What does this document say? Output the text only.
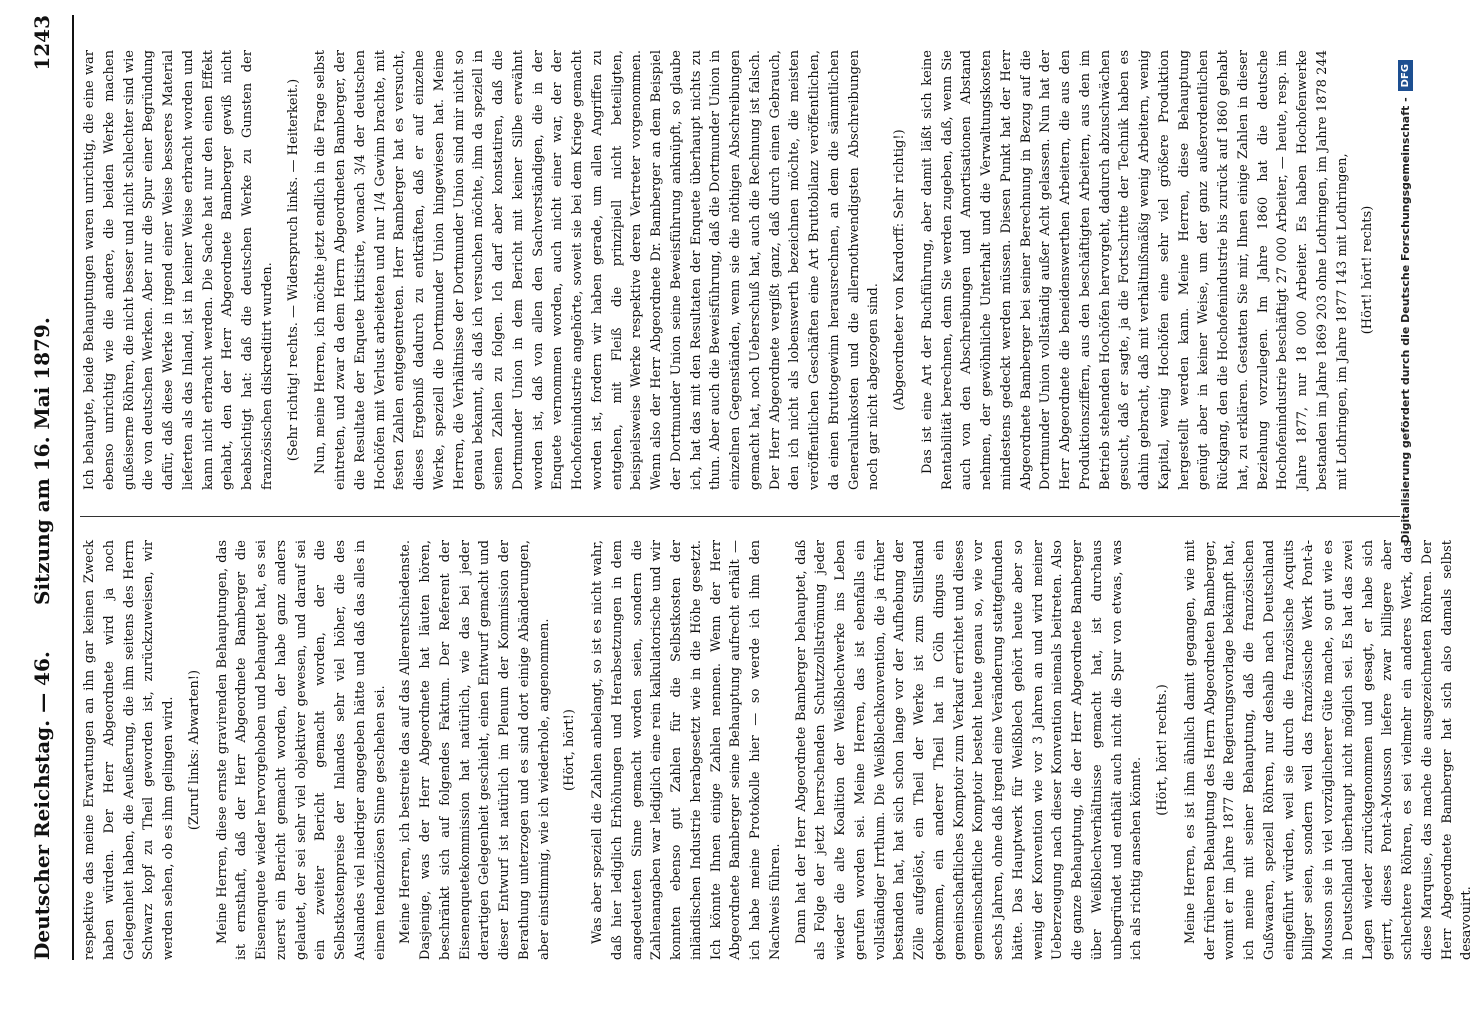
Deutscher Reichstag. — 46.
Sitzung am 16. Mai 1879.
1243

respektive das meine Erwartungen an ihn gar keinen Zweck haben würden. Der Herr Abgeordnete wird ja noch Gelegenheit haben, die Aeußerung, die ihm seitens des Herrn Schwarz kopf zu Theil geworden ist, zurückzuweisen, wir werden sehen, ob es ihm gelingen wird. (Zuruf links: Abwarten!) Meine Herren, diese ernste gravirenden Behauptungen, das ist ernsthaft, daß der Herr Abgeordnete Bamberger die Eisenenquete wieder hervorgehoben und behauptet hat, es sei zuerst ein Bericht gemacht worden, der habe ganz anders gelautet, der sei sehr viel objektiver gewesen, und darauf sei ein zweiter Bericht gemacht worden, der die Selbstkostenpreise der Inlandes sehr viel höher, die des Auslandes viel niedriger angegeben hätte und daß das alles in einem tendenziösen Sinne geschehen sei. Meine Herren, ich bestreite das auf das Allerentschiedenste. Dasjenige, was der Herr Abgeordnete hat läuten hören, beschränkt sich auf folgendes Faktum. Der Referent der Eisenenquetekommission hat natürlich, wie das bei jeder derartigen Gelegenheit geschieht, einen Entwurf gemacht und dieser Entwurf ist natürlich im Plenum der Kommission der Berathung unterzogen und es sind dort einige Abänderungen, aber einstimmig, wie ich wiederhole, angenommen. (Hört, hört!) Was aber speziell die Zahlen anbelangt, so ist es nicht wahr, daß hier lediglich Erhöhungen und Herabsetzungen in dem angedeuteten Sinne gemacht worden seien, sondern die Zahlenangaben war lediglich eine rein kalkulatorische und wir konnten ebenso gut Zahlen für die Selbstkosten der inländischen Industrie herabgesetzt wie in die Höhe gesetzt. Ich könnte Ihnen einige Zahlen nennen. Wenn der Herr Abgeordnete Bamberger seine Behauptung aufrecht erhält — ich habe meine Protokolle hier — so werde ich ihm den Nachweis führen. Dann hat der Herr Abgeordnete Bamberger behauptet, daß als Folge der jetzt herrschenden Schutzzollströmung jeder wieder die alte Koalition der Weißblechwerke ins Leben gerufen worden sei. Meine Herren, das ist ebenfalls ein vollständiger Irrthum. Die Weißblechkonvention, die ja früher bestanden hat, hat sich schon lange vor der Aufhebung der Zölle aufgelöst, ein Theil der Werke ist zum Stillstand gekommen, ein anderer Theil hat in Cöln dingus ein gemeinschaftliches Komptoir zum Verkauf errichtet und dieses gemeinschaftliche Komptoir besteht heute genau so, wie vor sechs Jahren, ohne daß irgend eine Veränderung stattgefunden hätte. Das Hauptwerk für Weißblech gehört heute aber so wenig der Konvention wie vor 3 Jahren an und wird meiner Ueberzeugung nach dieser Konvention niemals beitreten. Also die ganze Behauptung, die der Herr Abgeordnete Bamberger über Weißblechverhältnisse gemacht hat, ist durchaus unbegründet und enthält auch nicht die Spur von etwas, was ich als richtig ansehen könnte.

(Hört, hört! rechts.) Meine Herren, es ist ihm ähnlich damit gegangen, wie mit der früheren Behauptung des Herrn Abgeordneten Bamberger, womit er im Jahre 1877 die Regierungsvorlage bekämpft hat, ich meine mit seiner Behauptung, daß die französischen Gußwaaren, speziell Röhren, nur deshalb nach Deutschland eingeführt würden, weil sie durch die französische Acquits billiger seien, sondern weil das französische Werk Pont-à-Mousson sie in viel vorzüglicherer Güte mache, so gut wie es in Deutschland überhaupt nicht möglich sei. Es hat das zwei Lagen wieder zurückgenommen und gesagt, er habe sich geirrt, dieses Pont-à-Mousson liefere zwar billigere aber schlechtere Röhren, es sei vielmehr ein anderes Werk, das diese Marquise, das mache die ausgezeichneten Röhren. Der Herr Abgeordnete Bamberger hat sich also damals selbst desavouirt.

Ich behaupte, beide Behauptungen waren unrichtig, die eine war ebenso unrichtig wie die andere, die beiden Werke machen gußeiserne Röhren, die nicht besser und nicht schlechter sind wie die von deutschen Werken. Aber nur die Spur einer Begründung dafür, daß diese Werke in irgend einer Weise besseres Material lieferten als das Inland, ist in keiner Weise erbracht worden und kann nicht erbracht werden. Die Sache hat nur den einen Effekt gehabt, den der Herr Abgeordnete Bamberger gewiß nicht beabsichtigt hat: daß die deutschen Werke zu Gunsten der französischen diskreditirt wurden. (Sehr richtig! rechts. — Widerspruch links. — Heiterkeit.) Nun, meine Herren, ich möchte jetzt endlich in die Frage selbst eintreten, und zwar da dem Herrn Abgeordneten Bamberger, der die Resultate der Enquete kritisirte, wonach 3/4 der deutschen Hochöfen mit Verlust arbeiteten und nur 1/4 Gewinn brachte, mit festen Zahlen entgegentreten. Herr Bamberger hat es versucht, dieses Ergebniß dadurch zu entkräften, daß er auf einzelne Werke, speziell die Dortmunder Union hingewiesen hat. Meine Herren, die Verhältnisse der Dortmunder Union sind mir nicht so genau bekannt, als daß ich versuchen möchte, ihm da speziell in seinen Zahlen zu folgen. Ich darf aber konstatiren, daß die Dortmunder Union in dem Bericht mit keiner Silbe erwähnt worden ist, daß von allen den Sachverständigen, die in der Enquete vernommen worden, auch nicht einer war, der der Hochofenindustrie angehörte, soweit sie bei dem Kriege gemacht worden ist, fordern wir haben gerade, um allen Angriffen zu entgehen, mit Fleiß die prinzipiell nicht beteiligten, beispielsweise Werke respektive deren Vertreter vorgenommen. Wenn also der Herr Abgeordnete Dr. Bamberger an dem Beispiel der Dortmunder Union seine Beweisführung anknüpft, so glaube ich, hat das mit den Resultaten der Enquete überhaupt nichts zu thun. Aber auch die Beweisführung, daß die Dortmunder Union in einzelnen Gegenständen, wenn sie die nöthigen Abschreibungen gemacht hat, noch Ueberschuß hat, auch die Rechnung ist falsch. Der Herr Abgeordnete vergißt ganz, daß durch einen Gebrauch, den ich nicht als lobenswerth bezeichnen möchte, die meisten veröffentlichen Geschäften eine Art Bruttobilanz veröffentlichen, da einen Bruttogewinn herausrechnen, an dem die sämmtlichen Generalunkosten und die allernothwendigsten Abschreibungen noch gar nicht abgezogen sind. (Abgeordneter von Kardorff: Sehr richtig!) Das ist eine Art der Buchführung, aber damit läßt sich keine Rentabilität berechnen, denn Sie werden zugeben, daß, wenn Sie auch von den Abschreibungen und Amortisationen Abstand nehmen, der gewöhnliche Unterhalt und die Verwaltungskosten mindestens gedeckt werden müssen. Diesen Punkt hat der Herr Abgeordnete Bamberger bei seiner Berechnung in Bezug auf die Dortmunder Union vollständig außer Acht gelassen. Nun hat der Herr Abgeordnete die beneidenswerthen Arbeitern, die aus den Produktionsziffern, aus den beschäftigten Arbeitern, aus den im Betrieb stehenden Hochöfen hervorgeht, dadurch abzuschwächen gesucht, daß er sagte, ja die Fortschritte der Technik haben es dahin gebracht, daß mit verhältnißmäßig wenig Arbeitern, wenig Kapital, wenig Hochöfen eine sehr viel größere Produktion hergestellt werden kann. Meine Herren, diese Behauptung genügt aber in keiner Weise, um der ganz außerordentlichen Rückgang, den die Hochofenindustrie bis zurück auf 1860 gehabt hat, zu erklären. Gestatten Sie mir, Ihnen einige Zahlen in dieser Beziehung vorzulegen. Im Jahre 1860 hat die deutsche Hochofenindustrie beschäftigt 27 000 Arbeiter, — heute, resp. im Jahre 1877, nur 18 000 Arbeiter. Es haben Hochofenwerke bestanden im Jahre 1869 203 ohne Lothringen, im Jahre 1878 244 mit Lothringen, im Jahre 1877 143 mit Lothringen, (Hört! hört! rechts) Digitalisierung gefördert durch die Deutsche Forschungsgemeinschaft -
DFG
